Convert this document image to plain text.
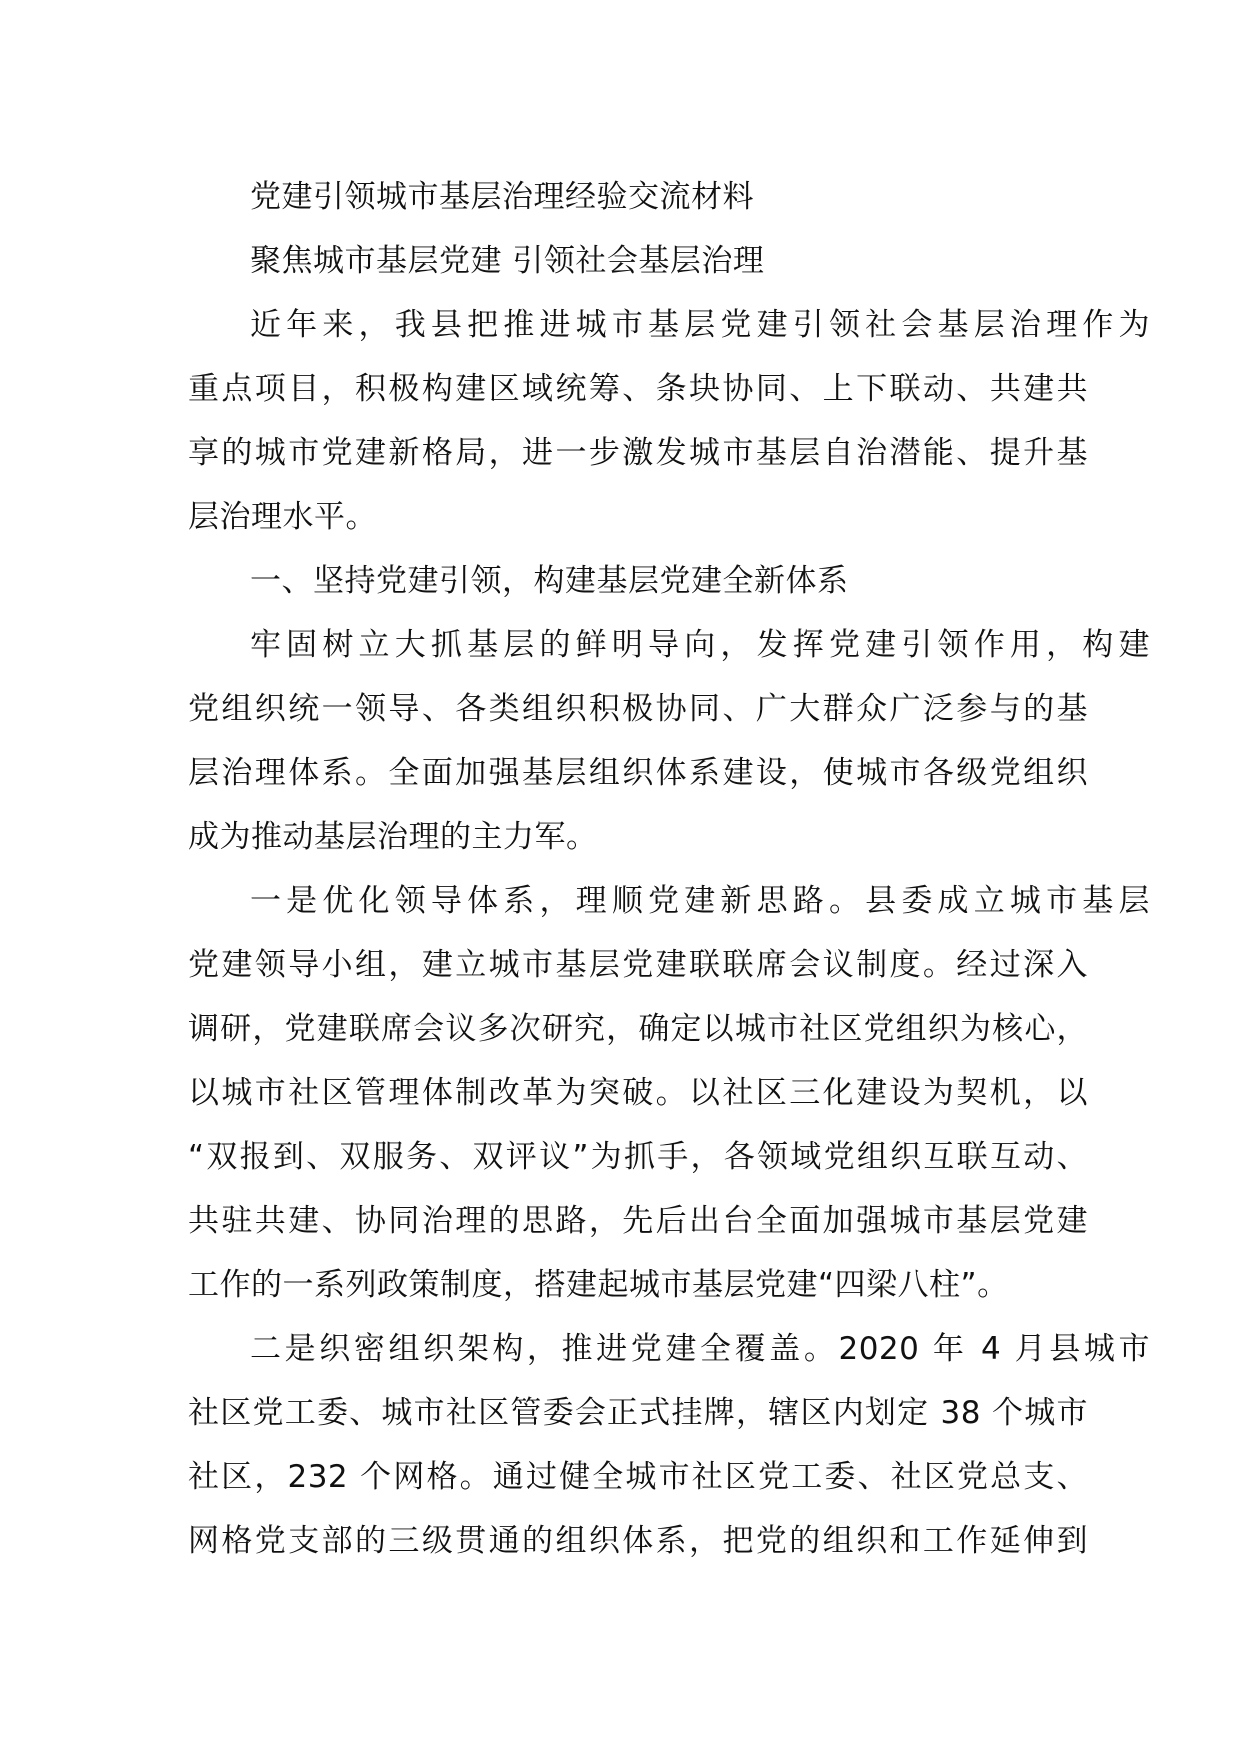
党建引领城市基层治理经验交流材料
聚焦城市基层党建 引领社会基层治理
近年来，我县把推进城市基层党建引领社会基层治理作为
重点项目，积极构建区域统筹、条块协同、上下联动、共建共
享的城市党建新格局，进一步激发城市基层自治潜能、提升基
层治理水平。
一、坚持党建引领，构建基层党建全新体系
牢固树立大抓基层的鲜明导向，发挥党建引领作用，构建
党组织统一领导、各类组织积极协同、广大群众广泛参与的基
层治理体系。全面加强基层组织体系建设，使城市各级党组织
成为推动基层治理的主力军。
一是优化领导体系，理顺党建新思路。县委成立城市基层
党建领导小组，建立城市基层党建联联席会议制度。经过深入
调研，党建联席会议多次研究，确定以城市社区党组织为核心，
以城市社区管理体制改革为突破。以社区三化建设为契机，以
“双报到、双服务、双评议”为抓手，各领域党组织互联互动、
共驻共建、协同治理的思路，先后出台全面加强城市基层党建
工作的一系列政策制度，搭建起城市基层党建“四梁八柱”。
二是织密组织架构，推进党建全覆盖。2020 年 4 月县城市
社区党工委、城市社区管委会正式挂牌，辖区内划定 38 个城市
社区，232 个网格。通过健全城市社区党工委、社区党总支、
网格党支部的三级贯通的组织体系，把党的组织和工作延伸到
